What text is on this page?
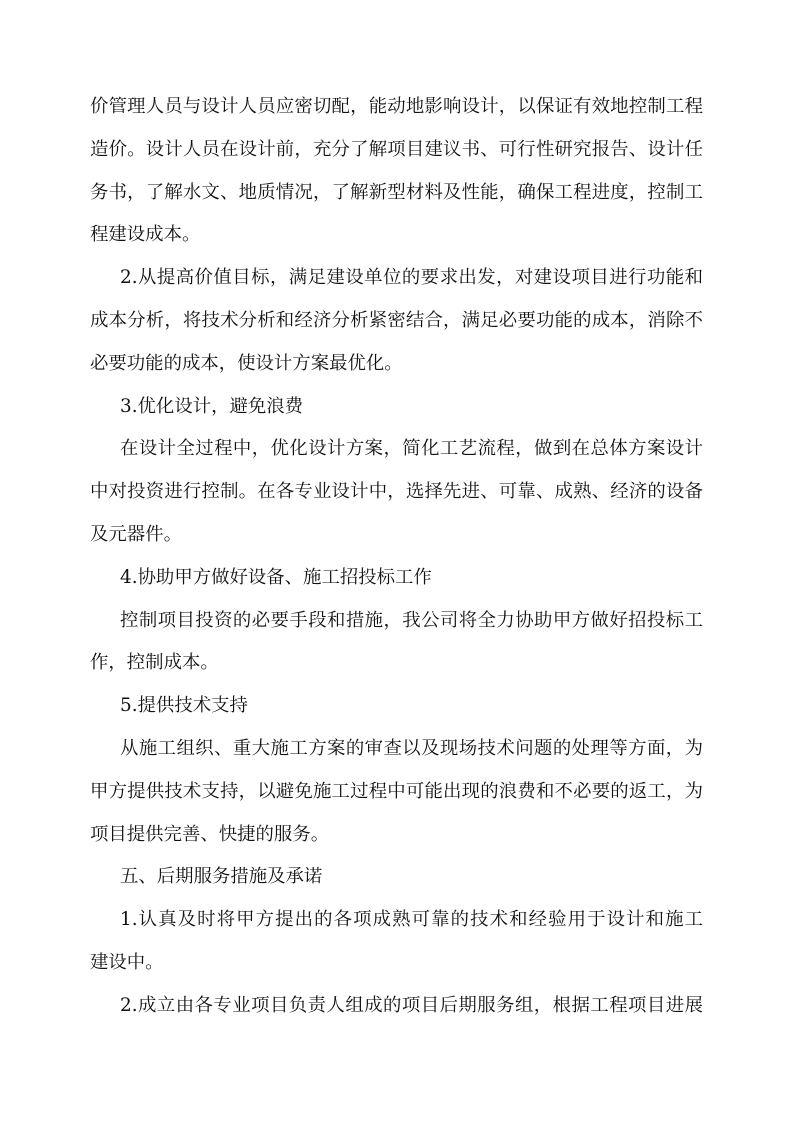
价管理人员与设计人员应密切配，能动地影响设计，以保证有效地控制工程
造价。设计人员在设计前，充分了解项目建议书、可行性研究报告、设计任
务书，了解水文、地质情况，了解新型材料及性能，确保工程进度，控制工
程建设成本。
2.从提高价值目标，满足建设单位的要求出发，对建设项目进行功能和
成本分析，将技术分析和经济分析紧密结合，满足必要功能的成本，消除不
必要功能的成本，使设计方案最优化。
3.优化设计，避免浪费
在设计全过程中，优化设计方案，简化工艺流程，做到在总体方案设计
中对投资进行控制。在各专业设计中，选择先进、可靠、成熟、经济的设备
及元器件。
4.协助甲方做好设备、施工招投标工作
控制项目投资的必要手段和措施，我公司将全力协助甲方做好招投标工
作，控制成本。
5.提供技术支持
从施工组织、重大施工方案的审查以及现场技术问题的处理等方面，为
甲方提供技术支持，以避免施工过程中可能出现的浪费和不必要的返工，为
项目提供完善、快捷的服务。
五、后期服务措施及承诺
1.认真及时将甲方提出的各项成熟可靠的技术和经验用于设计和施工
建设中。
2.成立由各专业项目负责人组成的项目后期服务组，根据工程项目进展
